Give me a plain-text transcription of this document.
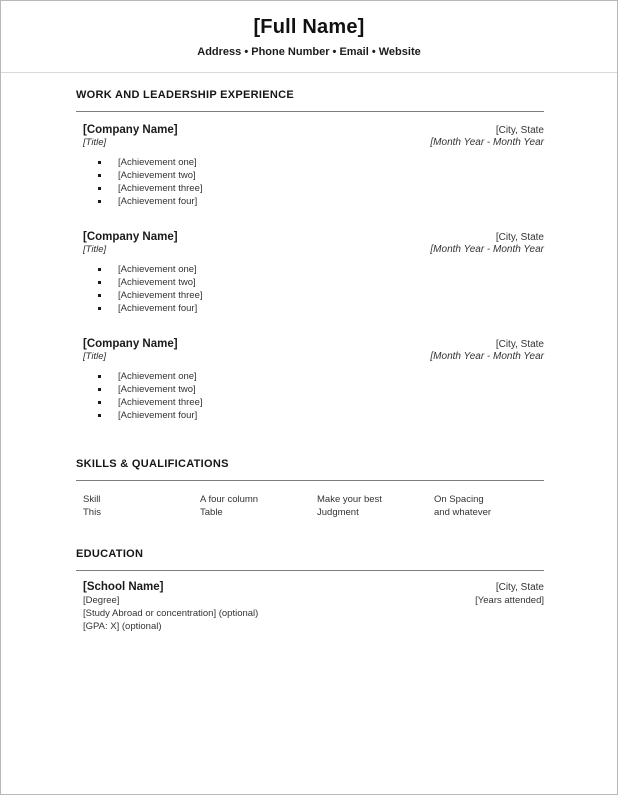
[Full Name]
Address • Phone Number • Email • Website
WORK AND LEADERSHIP EXPERIENCE
[Company Name]	[City, State
[Title]	[Month Year - Month Year
[Achievement one]
[Achievement two]
[Achievement three]
[Achievement four]
[Company Name]	[City, State
[Title]	[Month Year - Month Year
[Achievement one]
[Achievement two]
[Achievement three]
[Achievement four]
[Company Name]	[City, State
[Title]	[Month Year - Month Year
[Achievement one]
[Achievement two]
[Achievement three]
[Achievement four]
SKILLS & QUALIFICATIONS
Skill	A four column	Make your best	On Spacing
This	Table	Judgment	and whatever
EDUCATION
[School Name]	[City, State
[Degree]	[Years attended]
[Study Abroad or concentration] (optional)
[GPA: X] (optional)
